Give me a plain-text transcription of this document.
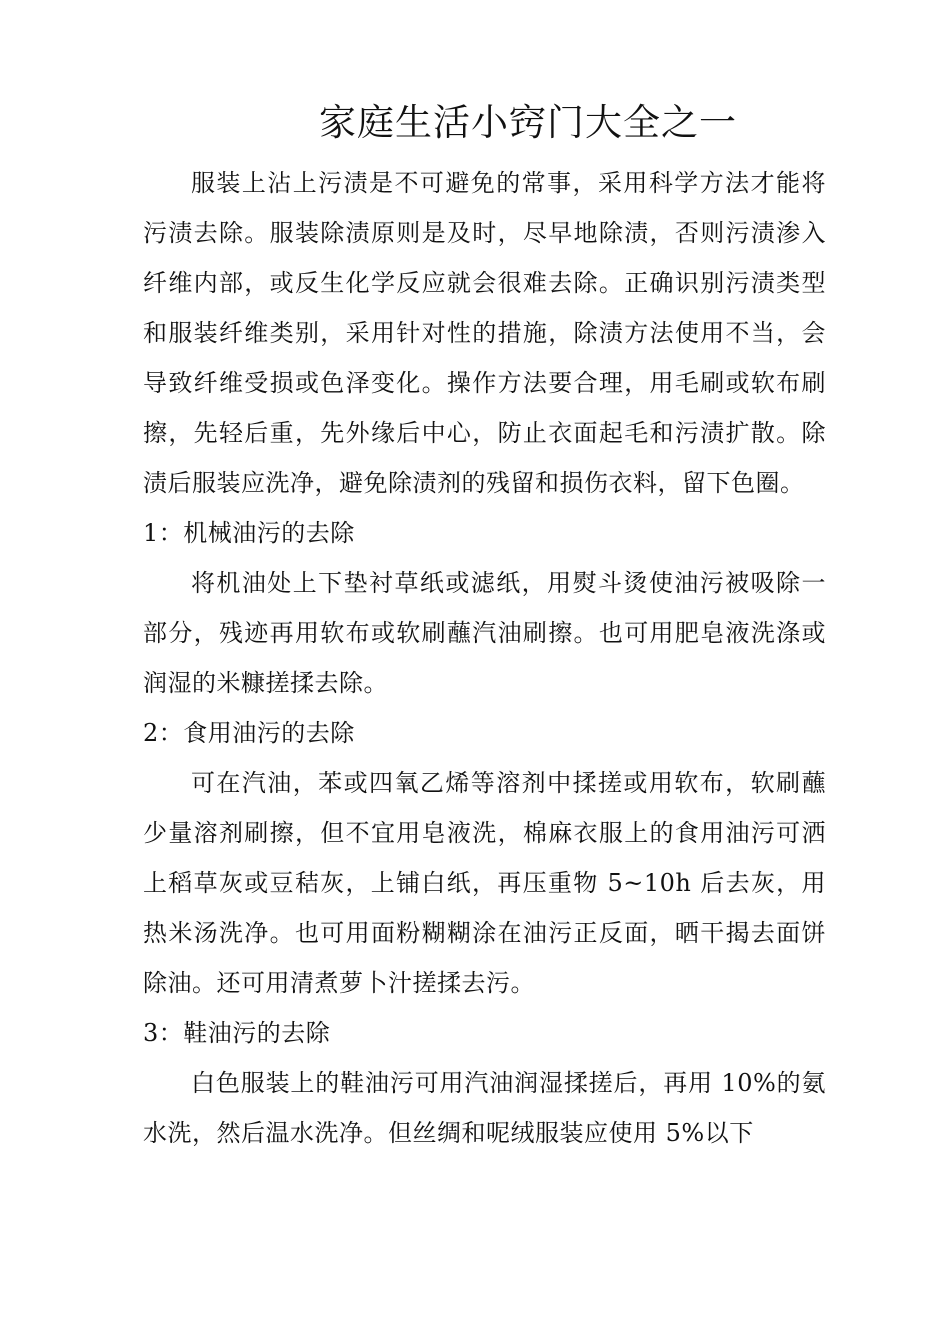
家庭生活小窍门大全之一

服装上沾上污渍是不可避免的常事，采用科学方法才能将污渍去除。服装除渍原则是及时，尽早地除渍，否则污渍渗入纤维内部，或反生化学反应就会很难去除。正确识别污渍类型和服装纤维类别，采用针对性的措施，除渍方法使用不当，会导致纤维受损或色泽变化。操作方法要合理，用毛刷或软布刷擦，先轻后重，先外缘后中心，防止衣面起毛和污渍扩散。除渍后服装应洗净，避免除渍剂的残留和损伤衣料，留下色圈。

1：机械油污的去除

将机油处上下垫衬草纸或滤纸，用熨斗烫使油污被吸除一部分，残迹再用软布或软刷蘸汽油刷擦。也可用肥皂液洗涤或润湿的米糠搓揉去除。

2：食用油污的去除

可在汽油，苯或四氧乙烯等溶剂中揉搓或用软布，软刷蘸少量溶剂刷擦，但不宜用皂液洗，棉麻衣服上的食用油污可洒上稻草灰或豆秸灰，上铺白纸，再压重物 5~10h 后去灰，用热米汤洗净。也可用面粉糊糊涂在油污正反面，晒干揭去面饼除油。还可用清煮萝卜汁搓揉去污。

3：鞋油污的去除

白色服装上的鞋油污可用汽油润湿揉搓后，再用 10%的氨水洗，然后温水洗净。但丝绸和呢绒服装应使用 5%以下
